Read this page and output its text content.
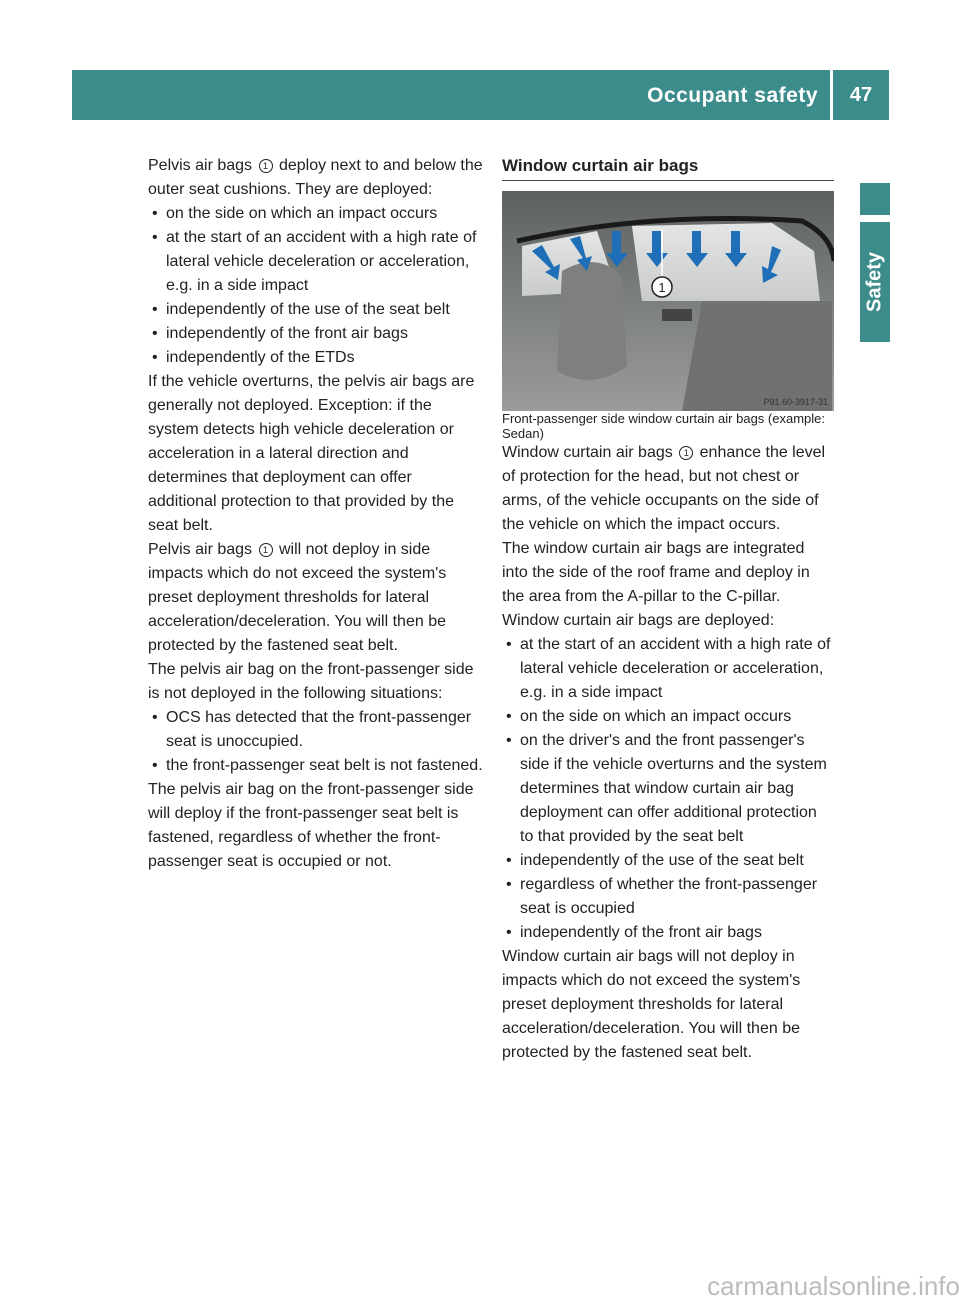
Occupant safety	47
Safety

Pelvis air bags 1 deploy next to and below the outer seat cushions. They are deployed:

• on the side on which an impact occurs
• at the start of an accident with a high rate of lateral vehicle deceleration or acceleration, e.g. in a side impact
• independently of the use of the seat belt
• independently of the front air bags
• independently of the ETDs

If the vehicle overturns, the pelvis air bags are generally not deployed. Exception: if the system detects high vehicle deceleration or acceleration in a lateral direction and determines that deployment can offer additional protection to that provided by the seat belt.

Pelvis air bags 1 will not deploy in side impacts which do not exceed the system's preset deployment thresholds for lateral acceleration/deceleration. You will then be protected by the fastened seat belt.

The pelvis air bag on the front-passenger side is not deployed in the following situations:

• OCS has detected that the front-passenger seat is unoccupied.
• the front-passenger seat belt is not fastened.

The pelvis air bag on the front-passenger side will deploy if the front-passenger seat belt is fastened, regardless of whether the front-passenger seat is occupied or not.

Window curtain air bags
1
P91.60-3917-31

Front-passenger side window curtain air bags (example: Sedan)

Window curtain air bags 1 enhance the level of protection for the head, but not chest or arms, of the vehicle occupants on the side of the vehicle on which the impact occurs.

The window curtain air bags are integrated into the side of the roof frame and deploy in the area from the A-pillar to the C-pillar.

Window curtain air bags are deployed:

• at the start of an accident with a high rate of lateral vehicle deceleration or acceleration, e.g. in a side impact
• on the side on which an impact occurs
• on the driver's and the front passenger's side if the vehicle overturns and the system determines that window curtain air bag deployment can offer additional protection to that provided by the seat belt
• independently of the use of the seat belt
• regardless of whether the front-passenger seat is occupied
• independently of the front air bags

Window curtain air bags will not deploy in impacts which do not exceed the system's preset deployment thresholds for lateral acceleration/deceleration. You will then be protected by the fastened seat belt.

carmanualsonline.info
